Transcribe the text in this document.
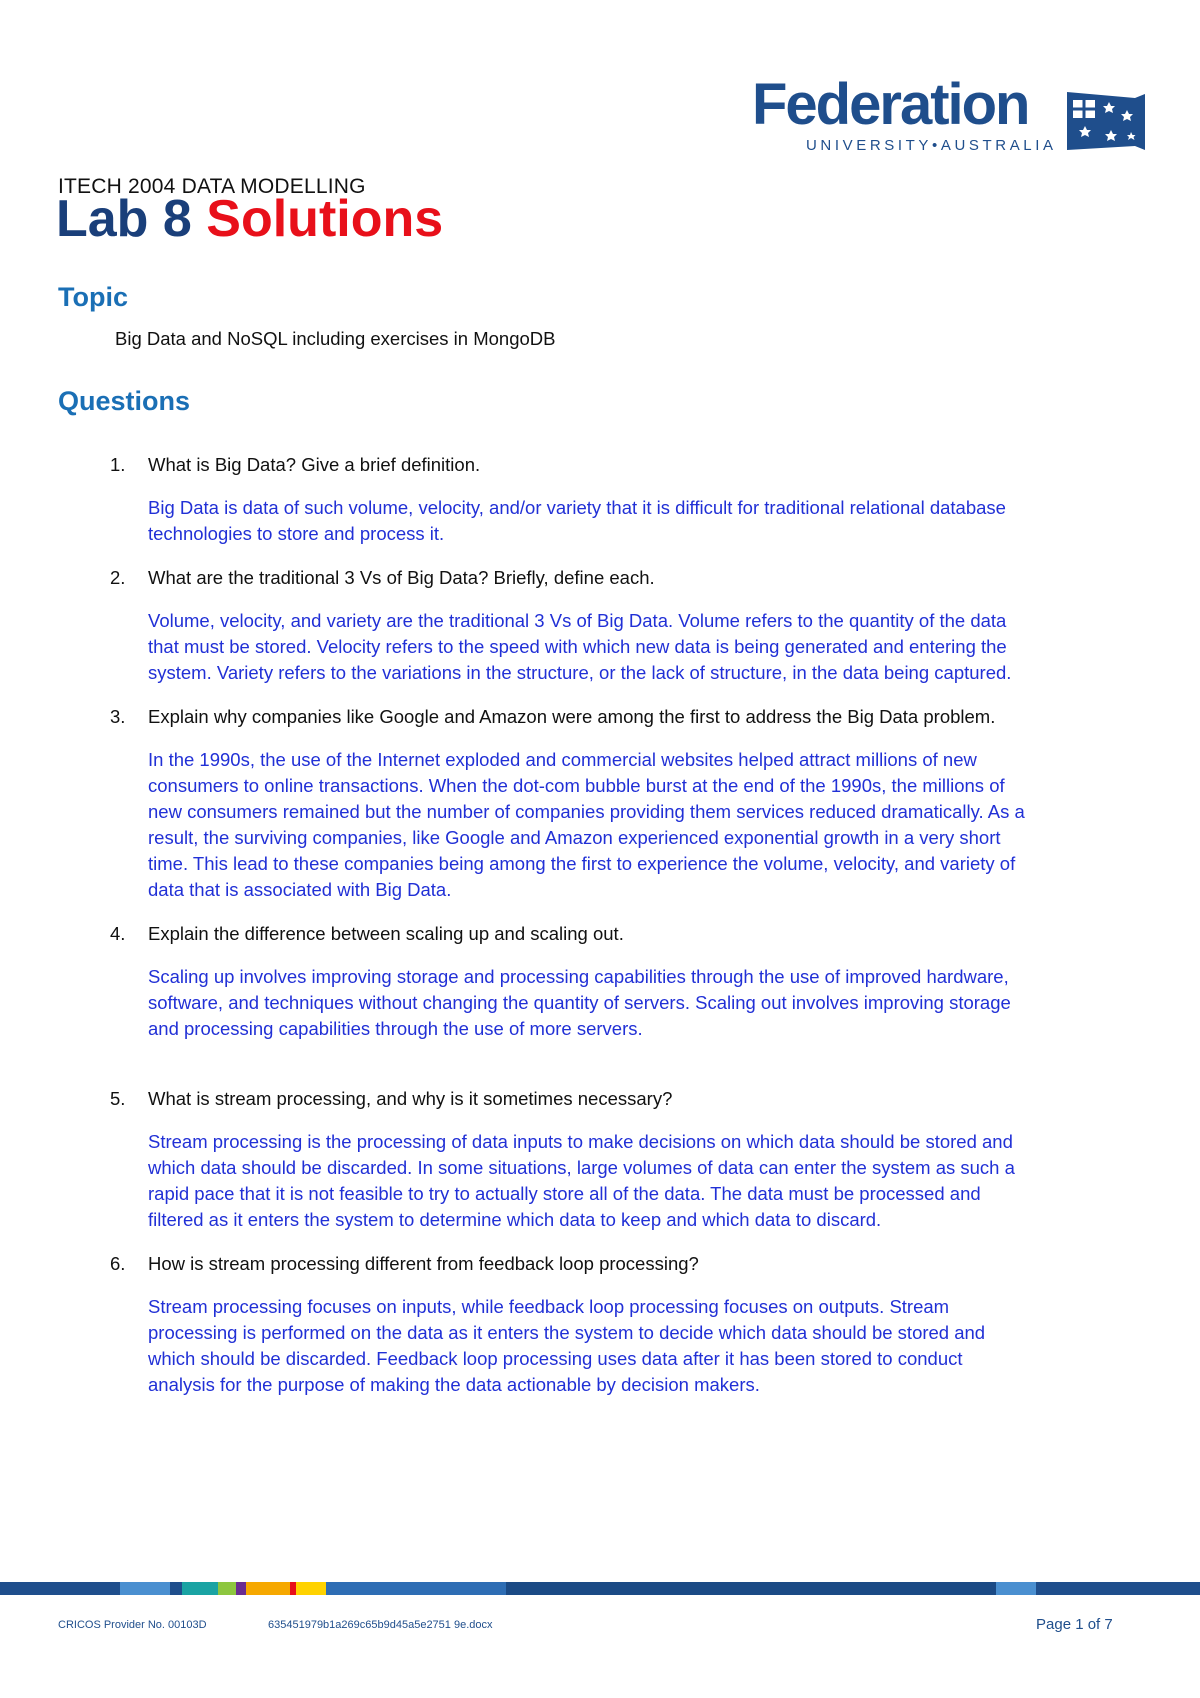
Federation
UNIVERSITY•AUSTRALIA
ITECH 2004 DATA MODELLING
Lab 8 Solutions
Topic
Big Data and NoSQL including exercises in MongoDB
Questions
1. What is Big Data? Give a brief definition.
Big Data is data of such volume, velocity, and/or variety that it is difficult for traditional relational database technologies to store and process it.
2. What are the traditional 3 Vs of Big Data? Briefly, define each.
Volume, velocity, and variety are the traditional 3 Vs of Big Data. Volume refers to the quantity of the data that must be stored. Velocity refers to the speed with which new data is being generated and entering the system. Variety refers to the variations in the structure, or the lack of structure, in the data being captured.
3. Explain why companies like Google and Amazon were among the first to address the Big Data problem.
In the 1990s, the use of the Internet exploded and commercial websites helped attract millions of new consumers to online transactions. When the dot-com bubble burst at the end of the 1990s, the millions of new consumers remained but the number of companies providing them services reduced dramatically. As a result, the surviving companies, like Google and Amazon experienced exponential growth in a very short time. This lead to these companies being among the first to experience the volume, velocity, and variety of data that is associated with Big Data.
4. Explain the difference between scaling up and scaling out.
Scaling up involves improving storage and processing capabilities through the use of improved hardware, software, and techniques without changing the quantity of servers. Scaling out involves improving storage and processing capabilities through the use of more servers.
5. What is stream processing, and why is it sometimes necessary?
Stream processing is the processing of data inputs to make decisions on which data should be stored and which data should be discarded. In some situations, large volumes of data can enter the system as such a rapid pace that it is not feasible to try to actually store all of the data. The data must be processed and filtered as it enters the system to determine which data to keep and which data to discard.
6. How is stream processing different from feedback loop processing?
Stream processing focuses on inputs, while feedback loop processing focuses on outputs. Stream processing is performed on the data as it enters the system to decide which data should be stored and which should be discarded. Feedback loop processing uses data after it has been stored to conduct analysis for the purpose of making the data actionable by decision makers.
CRICOS Provider No. 00103D	635451979b1a269c65b9d45a5e2751 9e.docx	Page 1 of 7
